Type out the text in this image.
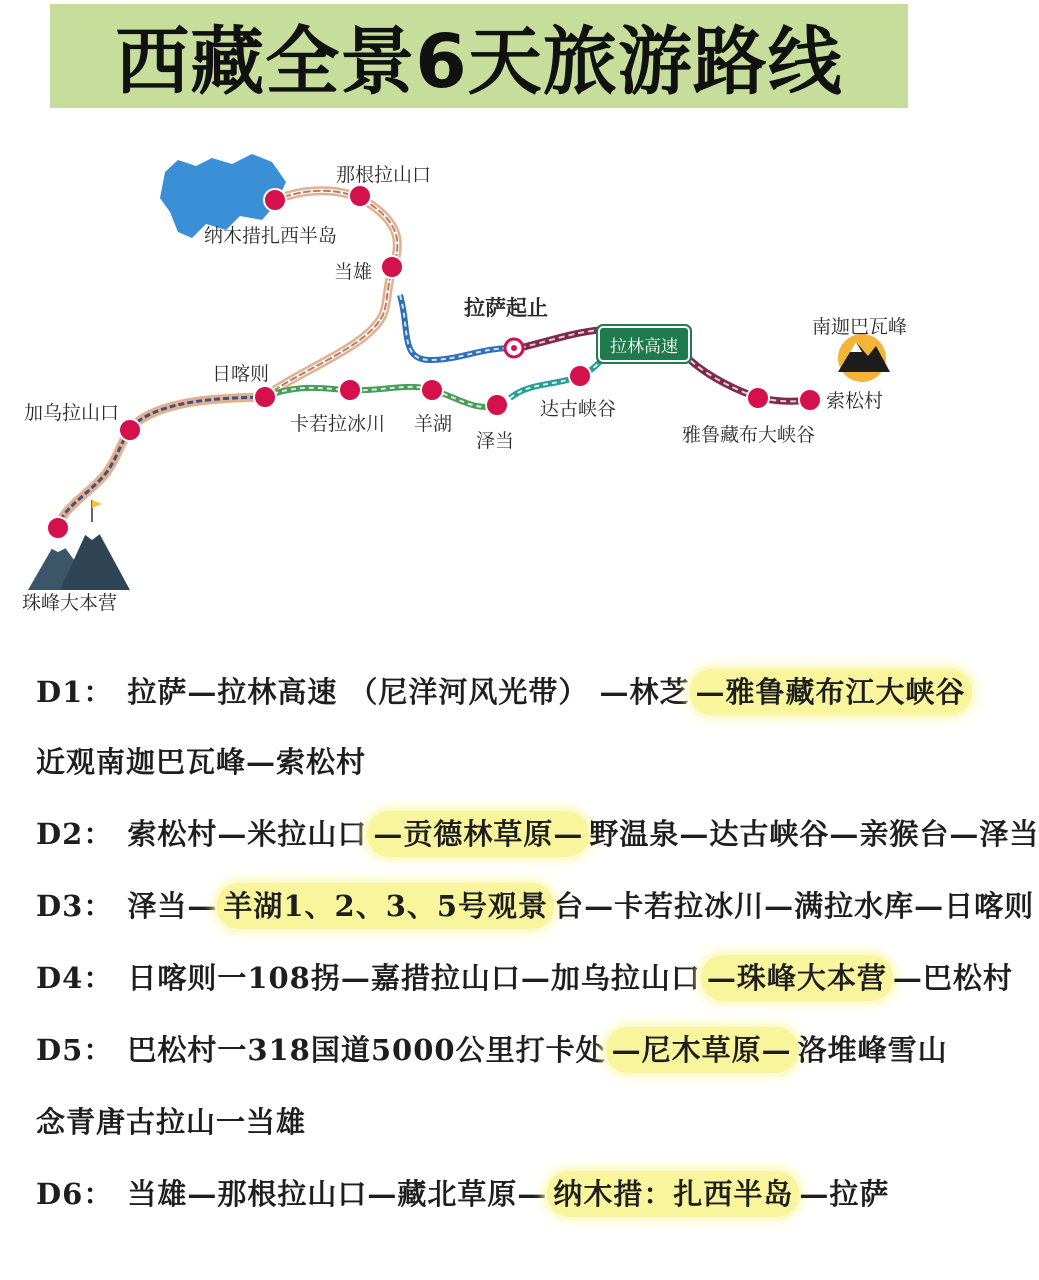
西藏全景6天旅游路线
那根拉山口
纳木措扎西半岛
当雄
拉萨起止
南迦巴瓦峰
日喀则
加乌拉山口	卡若拉冰川 羊湖
泽当
达古峡谷
雅鲁藏布大峡谷
索松村
珠峰大本营
拉林高速
D1： 拉萨—拉林高速 （尼洋河风光带） —林芝 —雅鲁藏布江大峡谷
近观南迦巴瓦峰—索松村
D2： 索松村—米拉山口 —贡德林草原— 野温泉—达古峡谷—亲猴台—泽当
D3： 泽当— 羊湖1、2、3、5号观景 台—卡若拉冰川—满拉水库—日喀则
D4： 日喀则一108拐—嘉措拉山口—加乌拉山口 —珠峰大本营 —巴松村
D5： 巴松村一318国道5000公里打卡处 —尼木草原— 洛堆峰雪山
念青唐古拉山一当雄
D6： 当雄—那根拉山口—藏北草原— 纳木措：扎西半岛 —拉萨
